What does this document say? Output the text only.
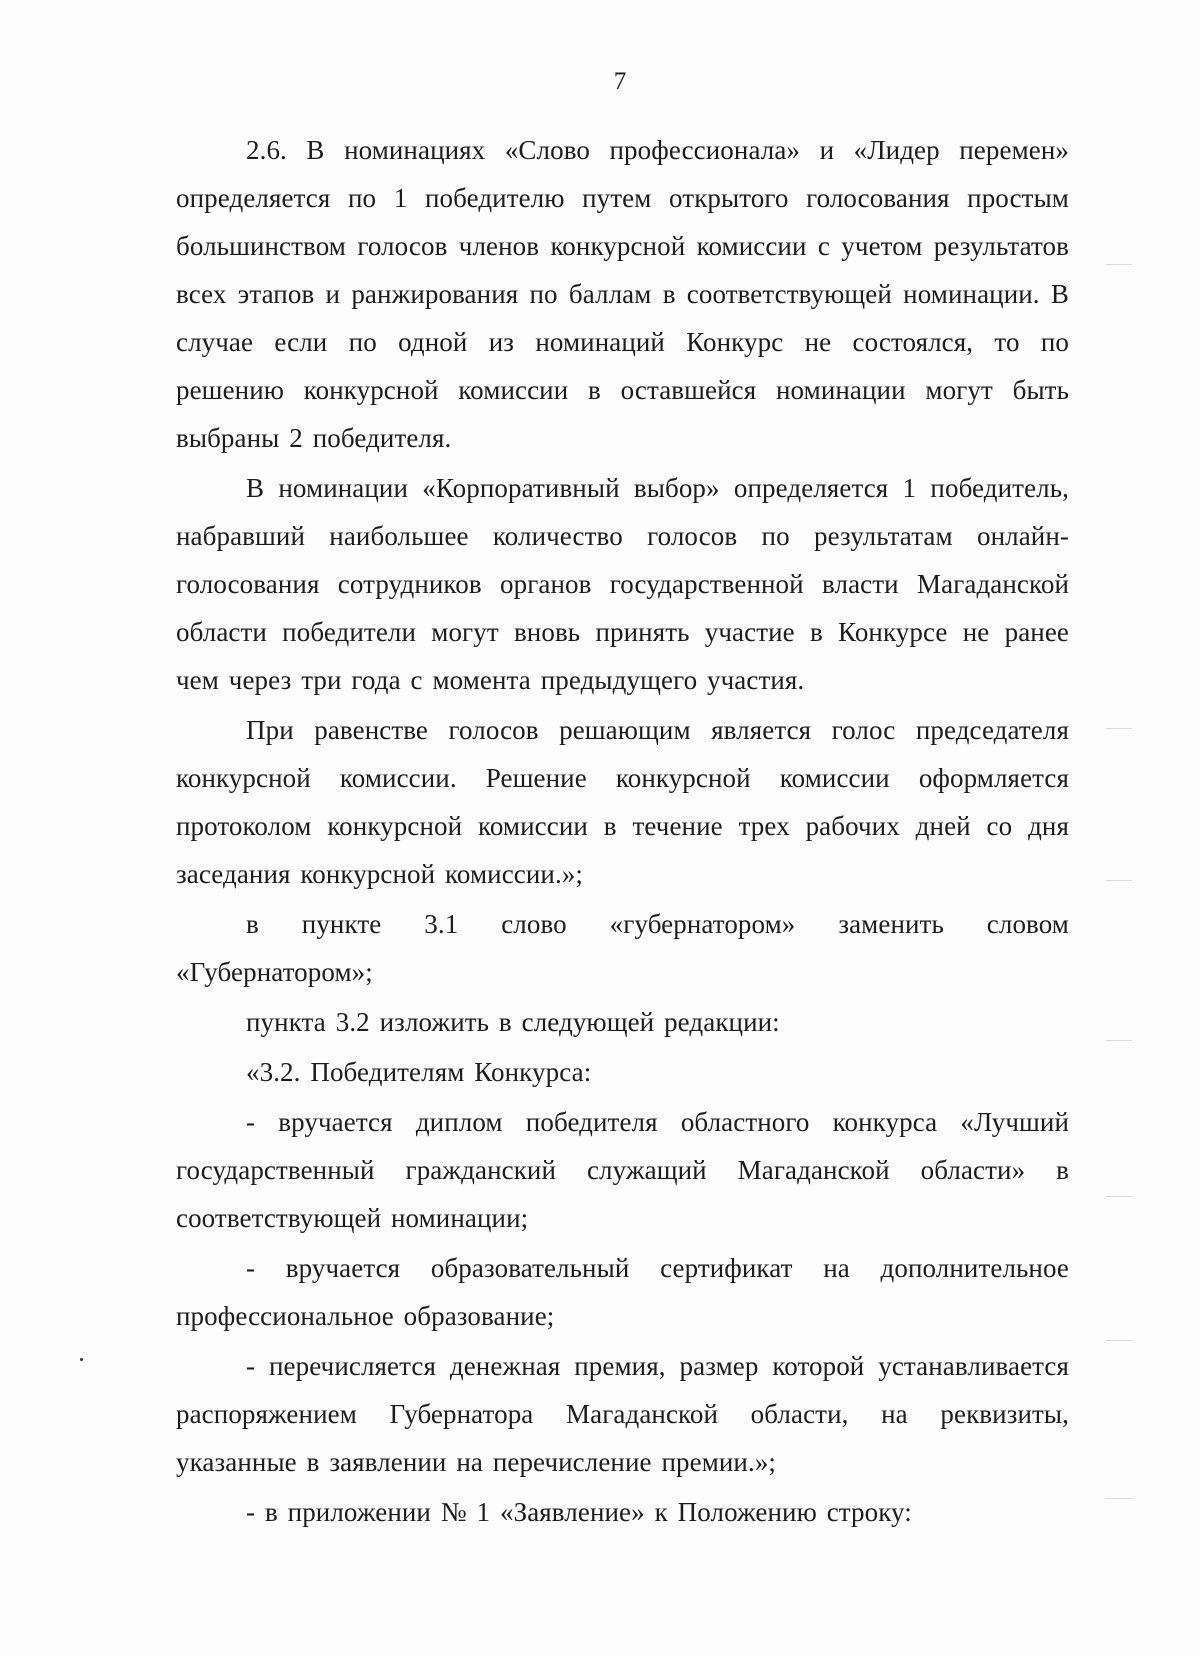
7

2.6. В номинациях «Слово профессионала» и «Лидер перемен» определяется по 1 победителю путем открытого голосования простым большинством голосов членов конкурсной комиссии с учетом результатов всех этапов и ранжирования по баллам в соответствующей номинации. В случае если по одной из номинаций Конкурс не состоялся, то по решению конкурсной комиссии в оставшейся номинации могут быть выбраны 2 победителя.

В номинации «Корпоративный выбор» определяется 1 победитель, набравший наибольшее количество голосов по результатам онлайн-голосования сотрудников органов государственной власти Магаданской области победители могут вновь принять участие в Конкурсе не ранее чем через три года с момента предыдущего участия.

При равенстве голосов решающим является голос председателя конкурсной комиссии. Решение конкурсной комиссии оформляется протоколом конкурсной комиссии в течение трех рабочих дней со дня заседания конкурсной комиссии.»;

в пункте 3.1 слово «губернатором» заменить словом «Губернатором»;

пункта 3.2 изложить в следующей редакции:

«3.2. Победителям Конкурса:

- вручается диплом победителя областного конкурса «Лучший государственный гражданский служащий Магаданской области» в соответствующей номинации;

- вручается образовательный сертификат на дополнительное профессиональное образование;

- перечисляется денежная премия, размер которой устанавливается распоряжением Губернатора Магаданской области, на реквизиты, указанные в заявлении на перечисление премии.»;

- в приложении № 1 «Заявление» к Положению строку:
